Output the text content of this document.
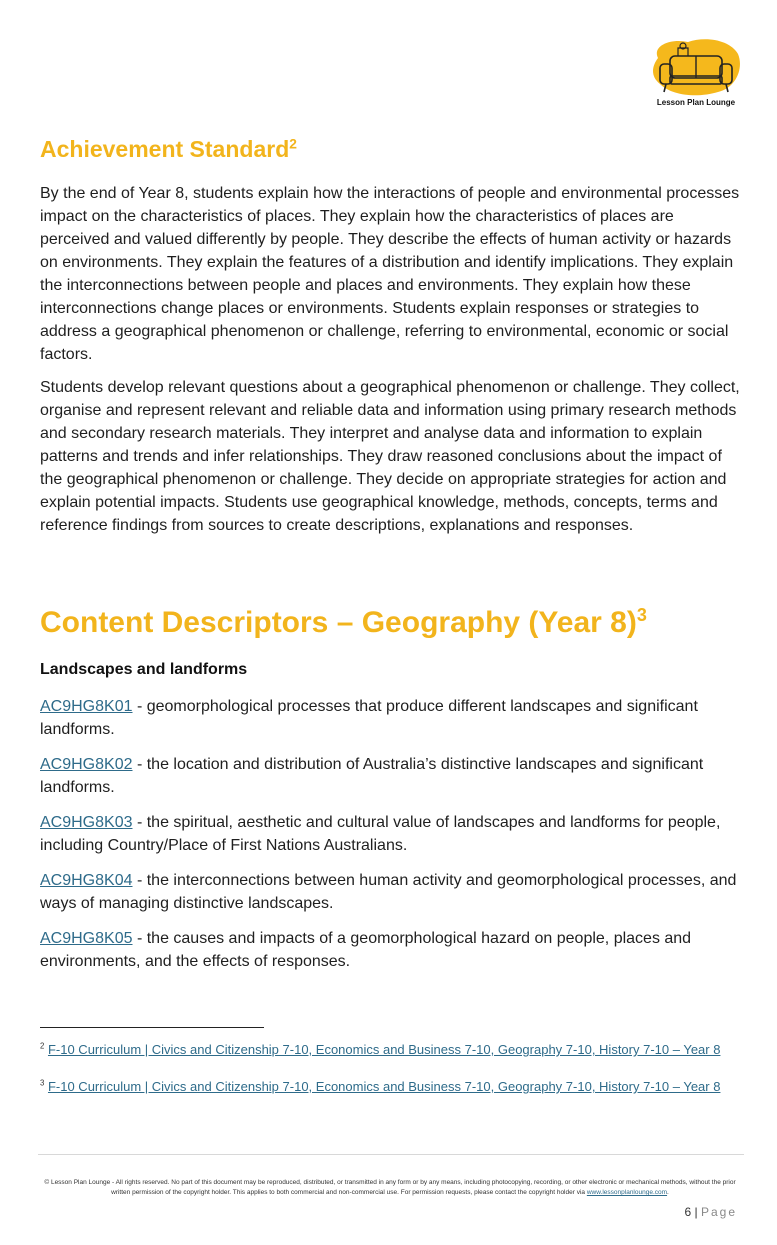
Lesson Plan Lounge
Achievement Standard$^2$

By the end of Year 8, students explain how the interactions of people and environmental processes impact on the characteristics of places. They explain how the characteristics of places are perceived and valued differently by people. They describe the effects of human activity or hazards on environments. They explain the features of a distribution and identify implications. They explain the interconnections between people and places and environments. They explain how these interconnections change places or environments. Students explain responses or strategies to address a geographical phenomenon or challenge, referring to environmental, economic or social factors.

Students develop relevant questions about a geographical phenomenon or challenge. They collect, organise and represent relevant and reliable data and information using primary research methods and secondary research materials. They interpret and analyse data and information to explain patterns and trends and infer relationships. They draw reasoned conclusions about the impact of the geographical phenomenon or challenge. They decide on appropriate strategies for action and explain potential impacts. Students use geographical knowledge, methods, concepts, terms and reference findings from sources to create descriptions, explanations and responses.

Content Descriptors – Geography (Year 8)$^3$

Landscapes and landforms

AC9HG8K01 - geomorphological processes that produce different landscapes and significant landforms.

AC9HG8K02 - the location and distribution of Australia’s distinctive landscapes and significant landforms.

AC9HG8K03 - the spiritual, aesthetic and cultural value of landscapes and landforms for people, including Country/Place of First Nations Australians.

AC9HG8K04 - the interconnections between human activity and geomorphological processes, and ways of managing distinctive landscapes.

AC9HG8K05 - the causes and impacts of a geomorphological hazard on people, places and environments, and the effects of responses.

$^2$ F-10 Curriculum | Civics and Citizenship 7-10, Economics and Business 7-10, Geography 7-10, History 7-10 – Year 8

$^3$ F-10 Curriculum | Civics and Citizenship 7-10, Economics and Business 7-10, Geography 7-10, History 7-10 – Year 8

© Lesson Plan Lounge - All rights reserved. No part of this document may be reproduced, distributed, or transmitted in any form or by any means, including photocopying, recording, or other electronic or mechanical methods, without the prior written permission of the copyright holder. This applies to both commercial and non-commercial use. For permission requests, please contact the copyright holder via www.lessonplanlounge.com.

6 | Page
